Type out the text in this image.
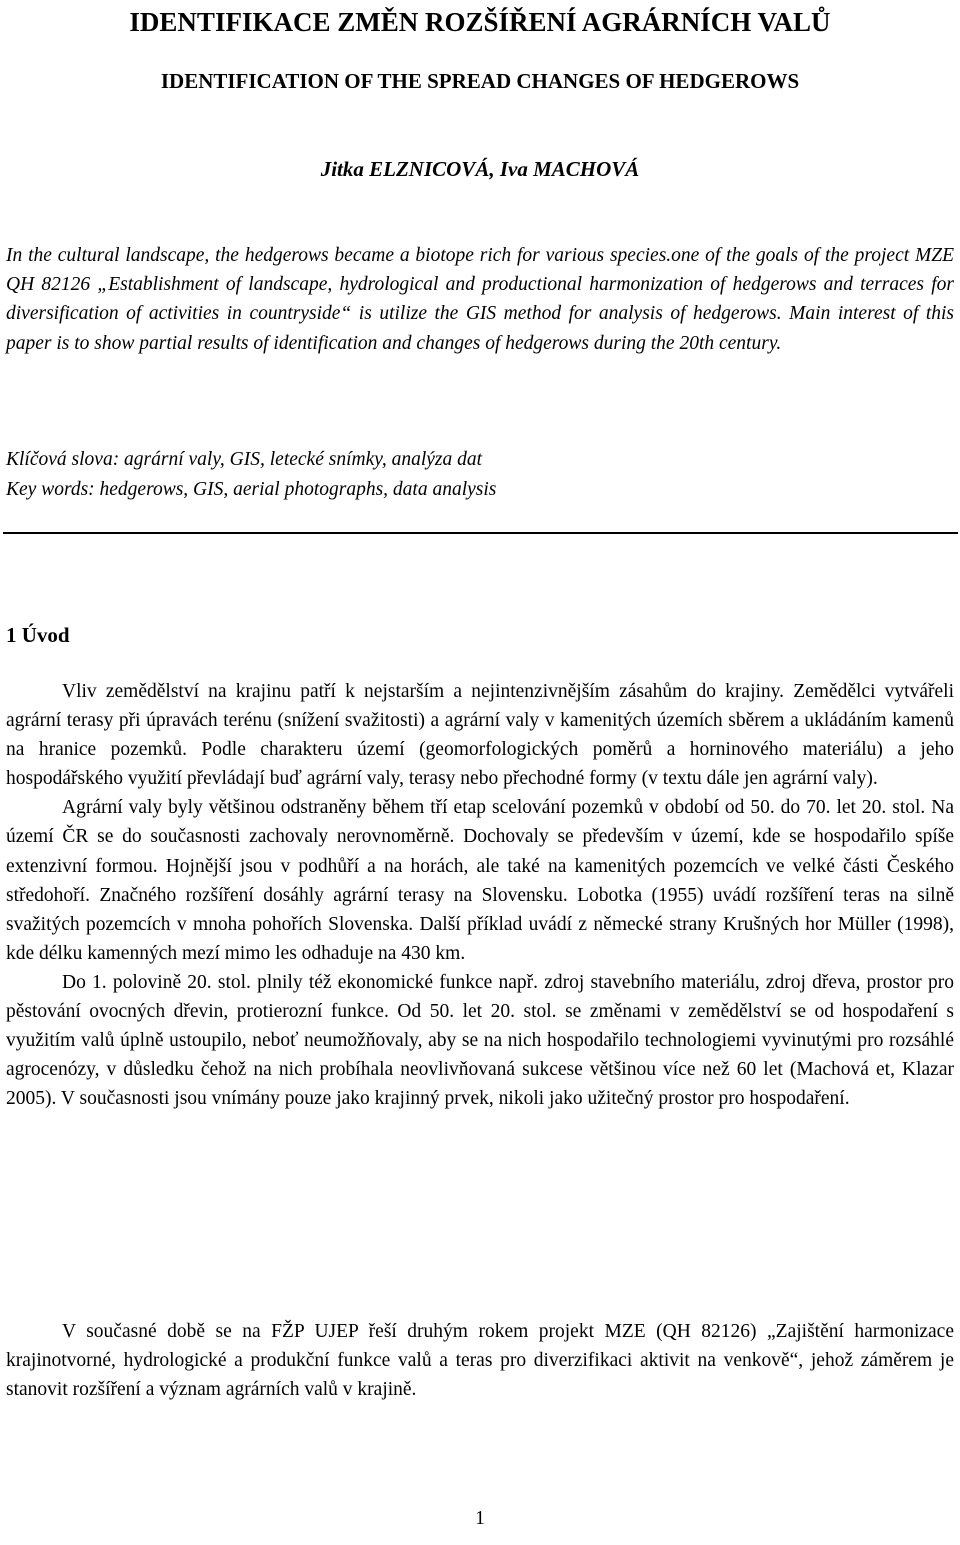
IDENTIFIKACE ZMĚN ROZŠÍŘENÍ AGRÁRNÍCH VALŮ
IDENTIFICATION OF THE SPREAD CHANGES OF HEDGEROWS
Jitka ELZNICOVÁ, Iva MACHOVÁ
In the cultural landscape, the hedgerows became a biotope rich for various species.one of the goals of the project MZE QH 82126 „Establishment of landscape, hydrological and productional harmonization of hedgerows and terraces for diversification of activities in countryside“ is utilize the GIS method for analysis of hedgerows. Main interest of this paper is to show partial results of identification and changes of hedgerows during the 20th century.
Klíčová slova: agrární valy, GIS, letecké snímky, analýza dat
Key words: hedgerows, GIS, aerial photographs, data analysis
1 Úvod

Vliv zemědělství na krajinu patří k nejstarším a nejintenzivnějším zásahům do krajiny. Zemědělci vytvářeli agrární terasy při úpravách terénu (snížení svažitosti) a agrární valy v kamenitých územích sběrem a ukládáním kamenů na hranice pozemků. Podle charakteru území (geomorfologických poměrů a horninového materiálu) a jeho hospodářského využití převládají buď agrární valy, terasy nebo přechodné formy (v textu dále jen agrární valy).

Agrární valy byly většinou odstraněny během tří etap scelování pozemků v období od 50. do 70. let 20. stol. Na území ČR se do současnosti zachovaly nerovnoměrně. Dochovaly se především v území, kde se hospodařilo spíše extenzivní formou. Hojnější jsou v podhůří a na horách, ale také na kamenitých pozemcích ve velké části Českého středohoří. Značného rozšíření dosáhly agrární terasy na Slovensku. Lobotka (1955) uvádí rozšíření teras na silně svažitých pozemcích v mnoha pohořích Slovenska. Další příklad uvádí z německé strany Krušných hor Müller (1998), kde délku kamenných mezí mimo les odhaduje na 430 km.

Do 1. polovině 20. stol. plnily též ekonomické funkce např. zdroj stavebního materiálu, zdroj dřeva, prostor pro pěstování ovocných dřevin, protierozní funkce. Od 50. let 20. stol. se změnami v zemědělství se od hospodaření s využitím valů úplně ustoupilo, neboť neumožňovaly, aby se na nich hospodařilo technologiemi vyvinutými pro rozsáhlé agrocenózy, v důsledku čehož na nich probíhala neovlivňovaná sukcese většinou více než 60 let (Machová et, Klazar 2005). V současnosti jsou vnímány pouze jako krajinný prvek, nikoli jako užitečný prostor pro hospodaření.

V současné době se na FŽP UJEP řeší druhým rokem projekt MZE (QH 82126) „Zajištění harmonizace krajinotvorné, hydrologické a produkční funkce valů a teras pro diverzifikaci aktivit na venkově“, jehož záměrem je stanovit rozšíření a význam agrárních valů v krajině.

1
